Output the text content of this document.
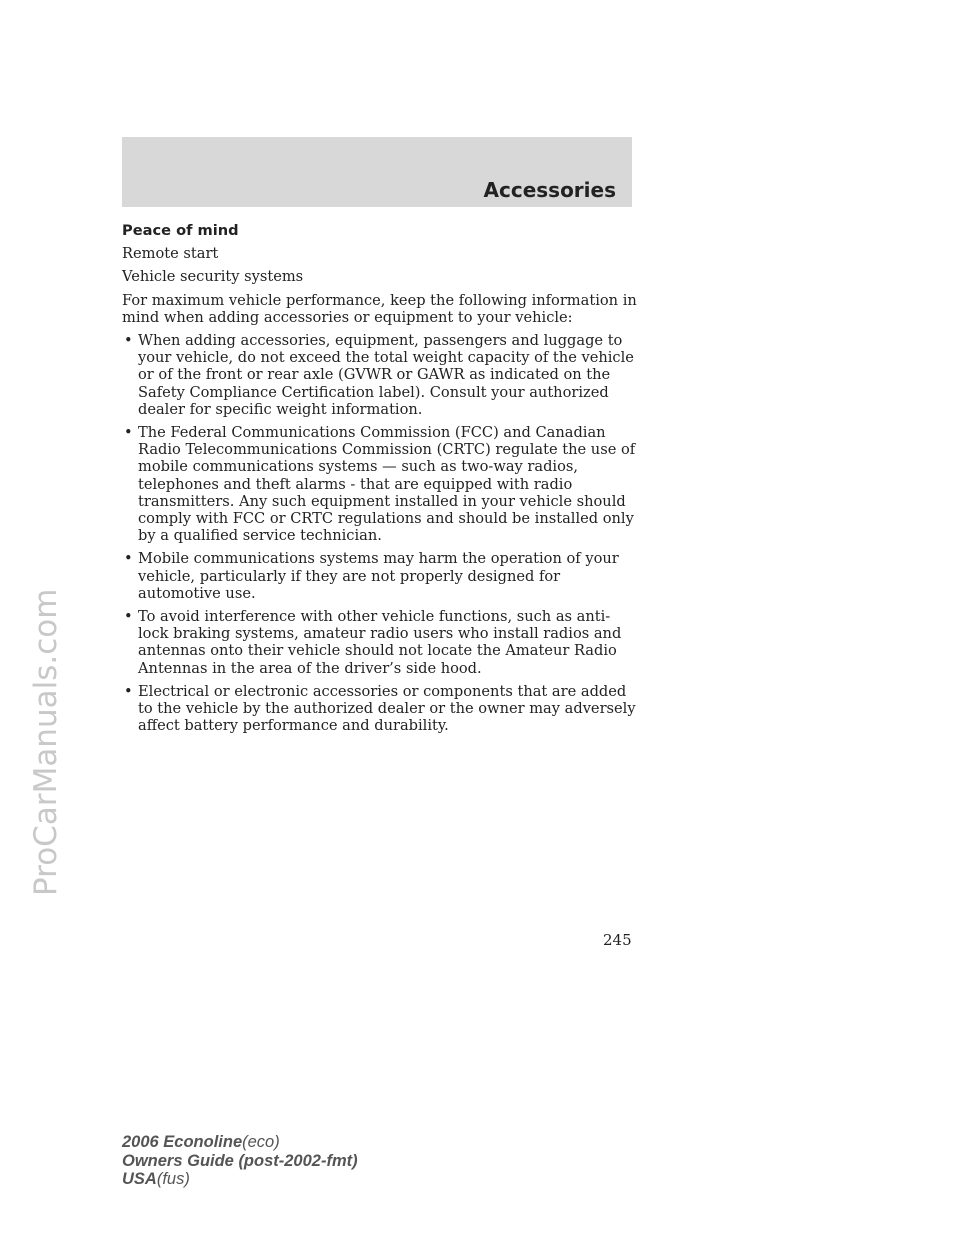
ProCarManuals.com
Accessories
Peace of mind

Remote start

Vehicle security systems

For maximum vehicle performance, keep the following information in mind when adding accessories or equipment to your vehicle:

• When adding accessories, equipment, passengers and luggage to your vehicle, do not exceed the total weight capacity of the vehicle or of the front or rear axle (GVWR or GAWR as indicated on the Safety Compliance Certification label). Consult your authorized dealer for specific weight information.
• The Federal Communications Commission (FCC) and Canadian Radio Telecommunications Commission (CRTC) regulate the use of mobile communications systems — such as two-way radios, telephones and theft alarms - that are equipped with radio transmitters. Any such equipment installed in your vehicle should comply with FCC or CRTC regulations and should be installed only by a qualified service technician.
• Mobile communications systems may harm the operation of your vehicle, particularly if they are not properly designed for automotive use.
• To avoid interference with other vehicle functions, such as anti-lock braking systems, amateur radio users who install radios and antennas onto their vehicle should not locate the Amateur Radio Antennas in the area of the driver’s side hood.
• Electrical or electronic accessories or components that are added to the vehicle by the authorized dealer or the owner may adversely affect battery performance and durability.
245
2006 Econoline(eco)
Owners Guide (post-2002-fmt)
USA(fus)
